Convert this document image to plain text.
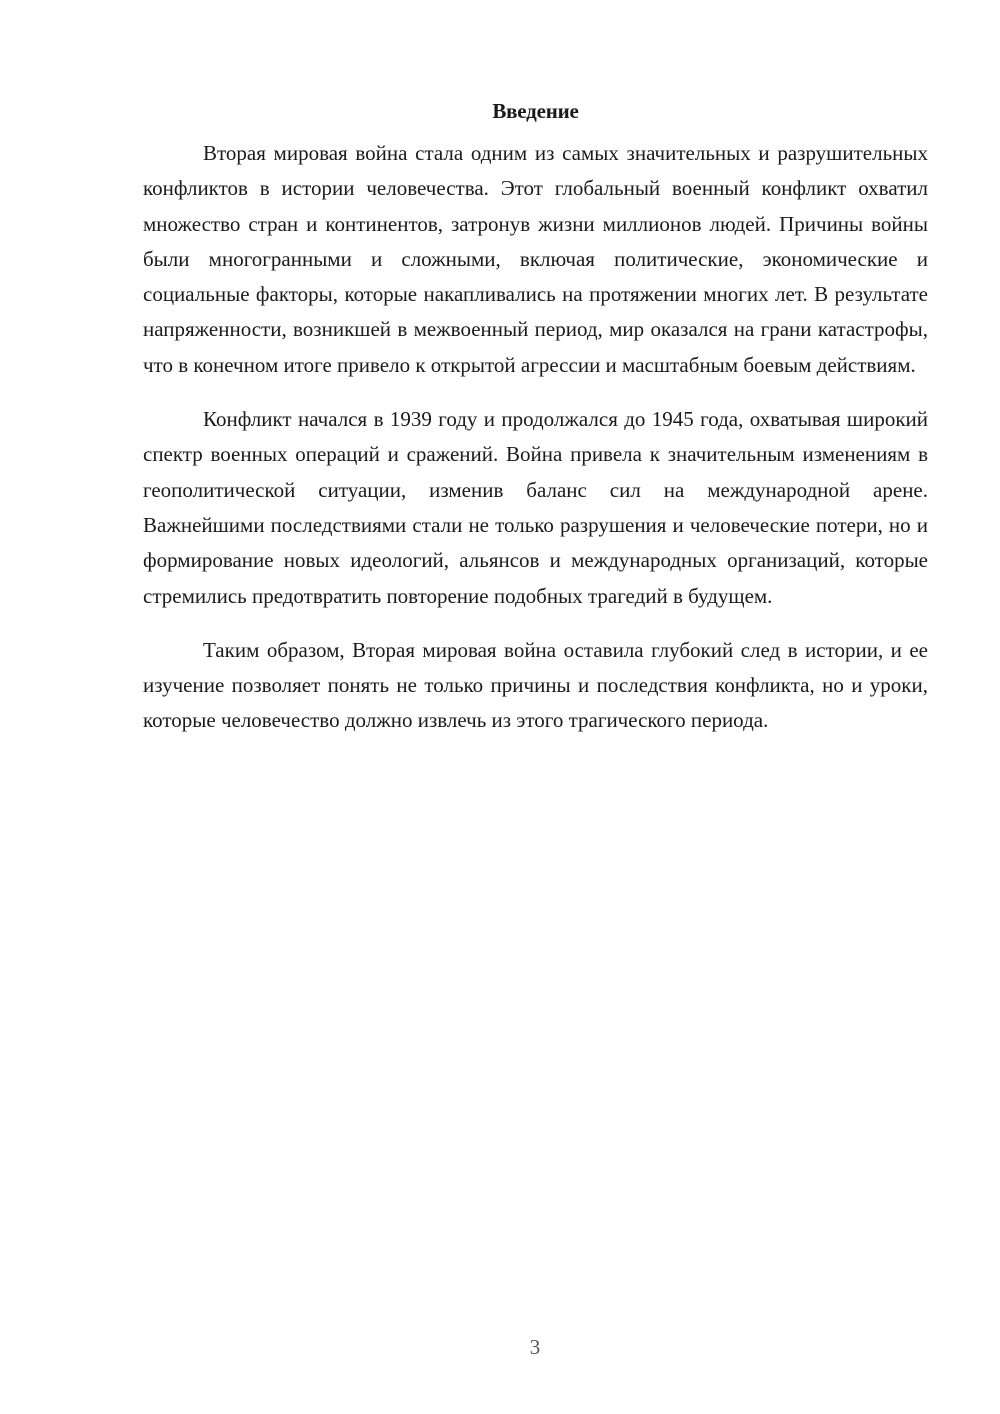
Введение

Вторая мировая война стала одним из самых значительных и разрушительных конфликтов в истории человечества. Этот глобальный военный конфликт охватил множество стран и континентов, затронув жизни миллионов людей. Причины войны были многогранными и сложными, включая политические, экономические и социальные факторы, которые накапливались на протяжении многих лет. В результате напряженности, возникшей в межвоенный период, мир оказался на грани катастрофы, что в конечном итоге привело к открытой агрессии и масштабным боевым действиям.

Конфликт начался в 1939 году и продолжался до 1945 года, охватывая широкий спектр военных операций и сражений. Война привела к значительным изменениям в геополитической ситуации, изменив баланс сил на международной арене. Важнейшими последствиями стали не только разрушения и человеческие потери, но и формирование новых идеологий, альянсов и международных организаций, которые стремились предотвратить повторение подобных трагедий в будущем.

Таким образом, Вторая мировая война оставила глубокий след в истории, и ее изучение позволяет понять не только причины и последствия конфликта, но и уроки, которые человечество должно извлечь из этого трагического периода.

3
